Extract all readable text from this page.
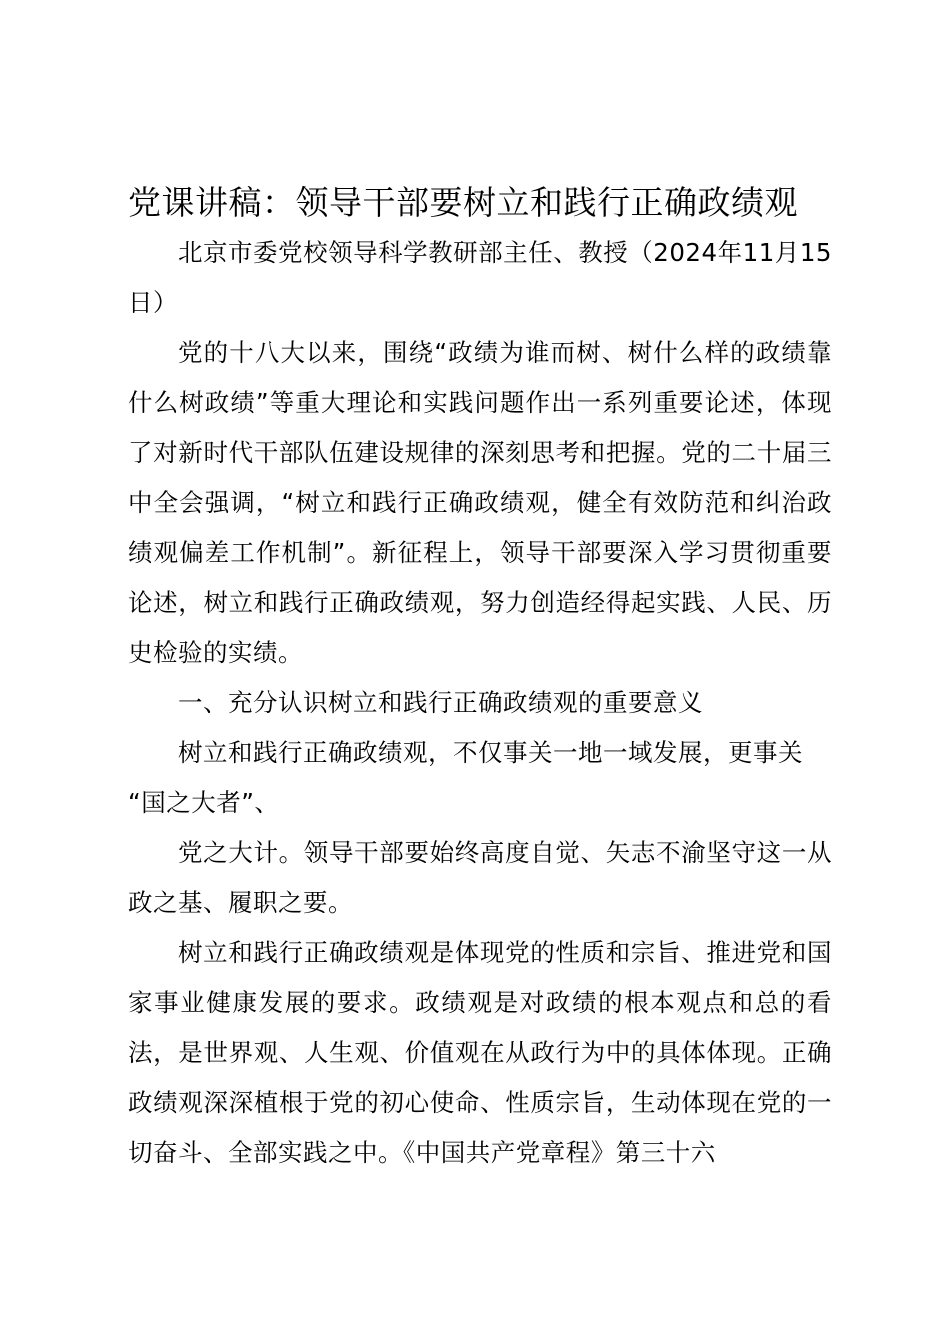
党课讲稿：领导干部要树立和践行正确政绩观

北京市委党校领导科学教研部主任、教授（2024年11月15日）

党的十八大以来，围绕“政绩为谁而树、树什么样的政绩靠什么树政绩”等重大理论和实践问题作出一系列重要论述，体现了对新时代干部队伍建设规律的深刻思考和把握。党的二十届三中全会强调，“树立和践行正确政绩观，健全有效防范和纠治政绩观偏差工作机制”。新征程上，领导干部要深入学习贯彻重要论述，树立和践行正确政绩观，努力创造经得起实践、人民、历史检验的实绩。

一、充分认识树立和践行正确政绩观的重要意义

树立和践行正确政绩观，不仅事关一地一域发展，更事关

“国之大者”、

党之大计。领导干部要始终高度自觉、矢志不渝坚守这一从政之基、履职之要。

树立和践行正确政绩观是体现党的性质和宗旨、推进党和国家事业健康发展的要求。政绩观是对政绩的根本观点和总的看法，是世界观、人生观、价值观在从政行为中的具体体现。正确政绩观深深植根于党的初心使命、性质宗旨，生动体现在党的一切奋斗、全部实践之中。《中国共产党章程》第三十六
